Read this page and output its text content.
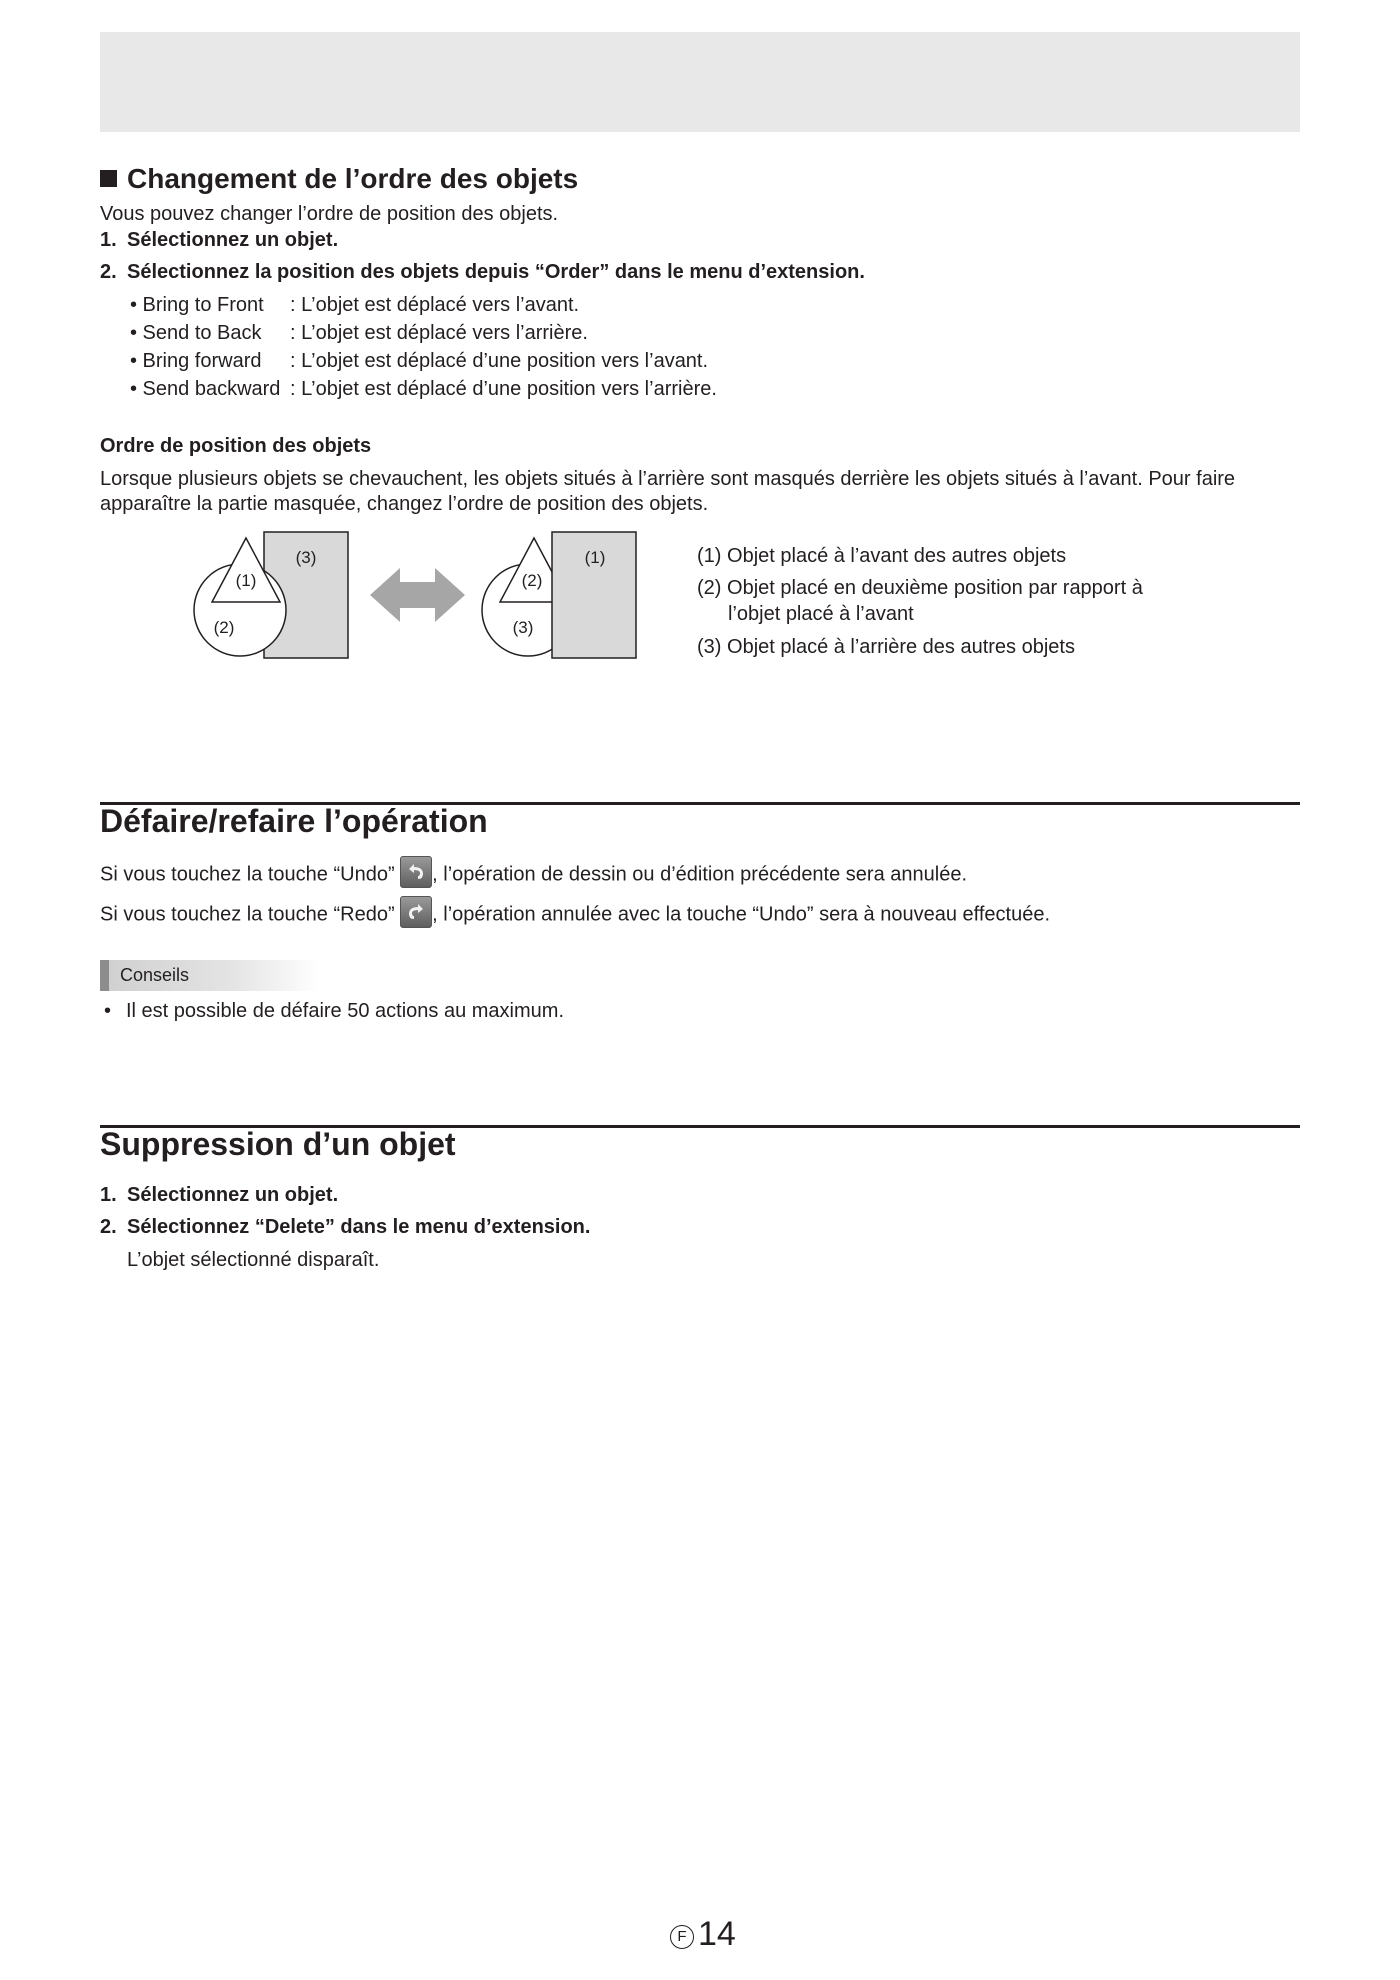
Changement de l’ordre des objets
Vous pouvez changer l’ordre de position des objets.
1. Sélectionnez un objet.
2. Sélectionnez la position des objets depuis “Order” dans le menu d’extension.
• Bring to Front : L’objet est déplacé vers l’avant.
• Send to Back : L’objet est déplacé vers l’arrière.
• Bring forward : L’objet est déplacé d’une position vers l’avant.
• Send backward : L’objet est déplacé d’une position vers l’arrière.
Ordre de position des objets
Lorsque plusieurs objets se chevauchent, les objets situés à l’arrière sont masqués derrière les objets situés à l’avant. Pour faire apparaître la partie masquée, changez l’ordre de position des objets.
(3)
(1)
(2)
(1)
(2)
(3)
(1) Objet placé à l’avant des autres objets
(2) Objet placé en deuxième position par rapport à
l’objet placé à l’avant
(3) Objet placé à l’arrière des autres objets
Défaire/refaire l’opération
Si vous touchez la touche “Undo” , l’opération de dessin ou d’édition précédente sera annulée.
Si vous touchez la touche “Redo” , l’opération annulée avec la touche “Undo” sera à nouveau effectuée.
Conseils
• Il est possible de défaire 50 actions au maximum.
Suppression d’un objet
1. Sélectionnez un objet.
2. Sélectionnez “Delete” dans le menu d’extension.
L’objet sélectionné disparaît.
F 14
